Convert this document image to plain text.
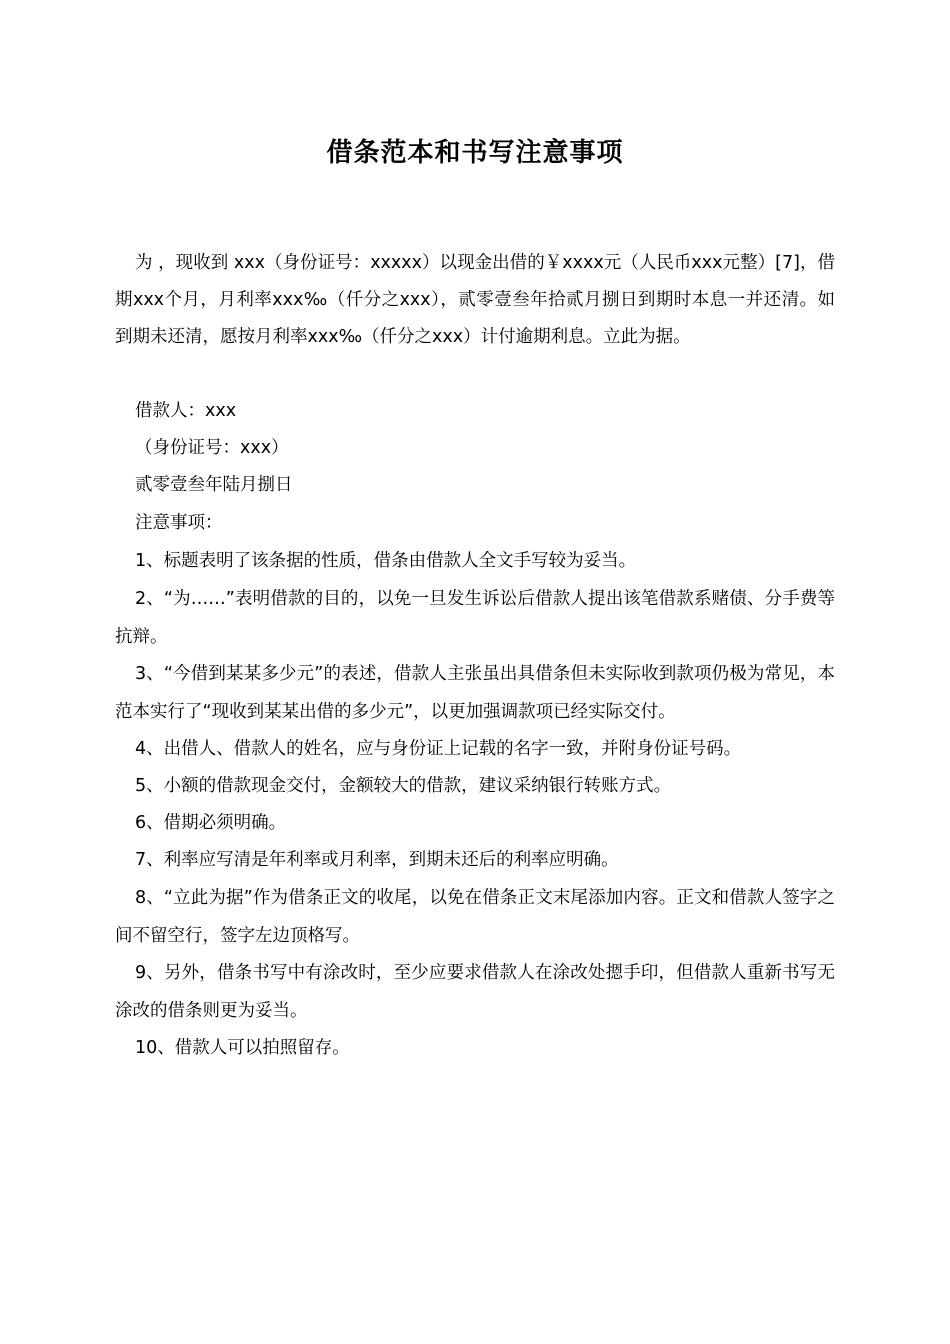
借条范本和书写注意事项

为 ，现收到 xxx（身份证号：xxxxx）以现金出借的￥xxxx元（人民币xxx元整）[7]，借期xxx个月，月利率xxx‰（仟分之xxx），贰零壹叁年拾贰月捌日到期时本息一并还清。如到期未还清，愿按月利率xxx‰（仟分之xxx）计付逾期利息。立此为据。

借款人：xxx

（身份证号：xxx）

贰零壹叁年陆月捌日

注意事项：

1、标题表明了该条据的性质，借条由借款人全文手写较为妥当。

2、“为……”表明借款的目的，以免一旦发生诉讼后借款人提出该笔借款系赌债、分手费等抗辩。

3、“今借到某某多少元”的表述，借款人主张虽出具借条但未实际收到款项仍极为常见，本范本实行了“现收到某某出借的多少元”，以更加强调款项已经实际交付。

4、出借人、借款人的姓名，应与身份证上记载的名字一致，并附身份证号码。

5、小额的借款现金交付，金额较大的借款，建议采纳银行转账方式。

6、借期必须明确。

7、利率应写清是年利率或月利率，到期未还后的利率应明确。

8、“立此为据”作为借条正文的收尾，以免在借条正文末尾添加内容。正文和借款人签字之间不留空行，签字左边顶格写。

9、另外，借条书写中有涂改时，至少应要求借款人在涂改处摁手印，但借款人重新书写无涂改的借条则更为妥当。

10、借款人可以拍照留存。
